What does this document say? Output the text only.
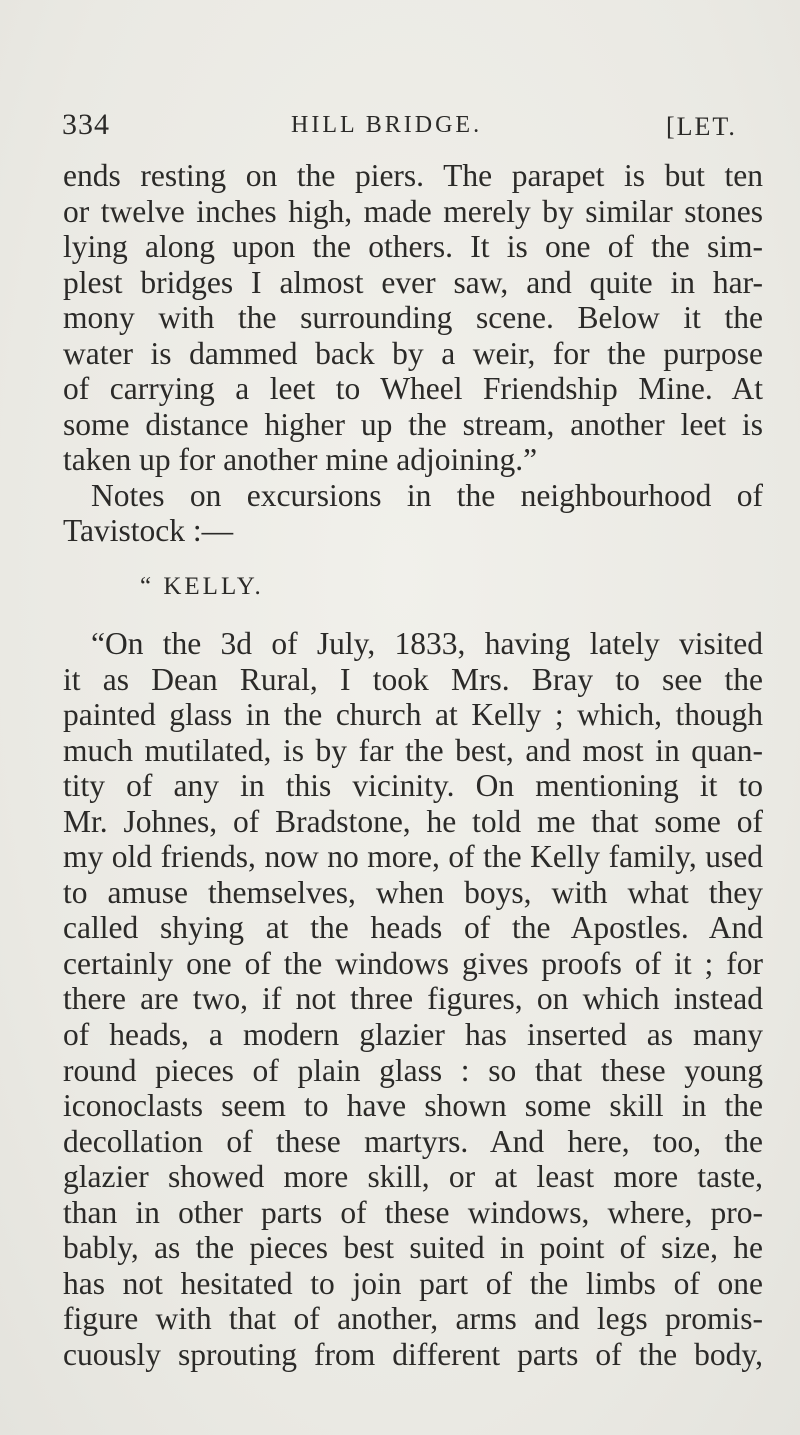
334	HILL BRIDGE.	[LET.
ends resting on the piers. The parapet is but ten
or twelve inches high, made merely by similar stones
lying along upon the others. It is one of the sim-
plest bridges I almost ever saw, and quite in har-
mony with the surrounding scene. Below it the
water is dammed back by a weir, for the purpose
of carrying a leet to Wheel Friendship Mine. At
some distance higher up the stream, another leet is
taken up for another mine adjoining.”
Notes on excursions in the neighbourhood of
Tavistock :—
“ KELLY.
“On the 3d of July, 1833, having lately visited
it as Dean Rural, I took Mrs. Bray to see the
painted glass in the church at Kelly ; which, though
much mutilated, is by far the best, and most in quan-
tity of any in this vicinity. On mentioning it to
Mr. Johnes, of Bradstone, he told me that some of
my old friends, now no more, of the Kelly family, used
to amuse themselves, when boys, with what they
called shying at the heads of the Apostles. And
certainly one of the windows gives proofs of it ; for
there are two, if not three figures, on which instead
of heads, a modern glazier has inserted as many
round pieces of plain glass : so that these young
iconoclasts seem to have shown some skill in the
decollation of these martyrs. And here, too, the
glazier showed more skill, or at least more taste,
than in other parts of these windows, where, pro-
bably, as the pieces best suited in point of size, he
has not hesitated to join part of the limbs of one
figure with that of another, arms and legs promis-
cuously sprouting from different parts of the body,
